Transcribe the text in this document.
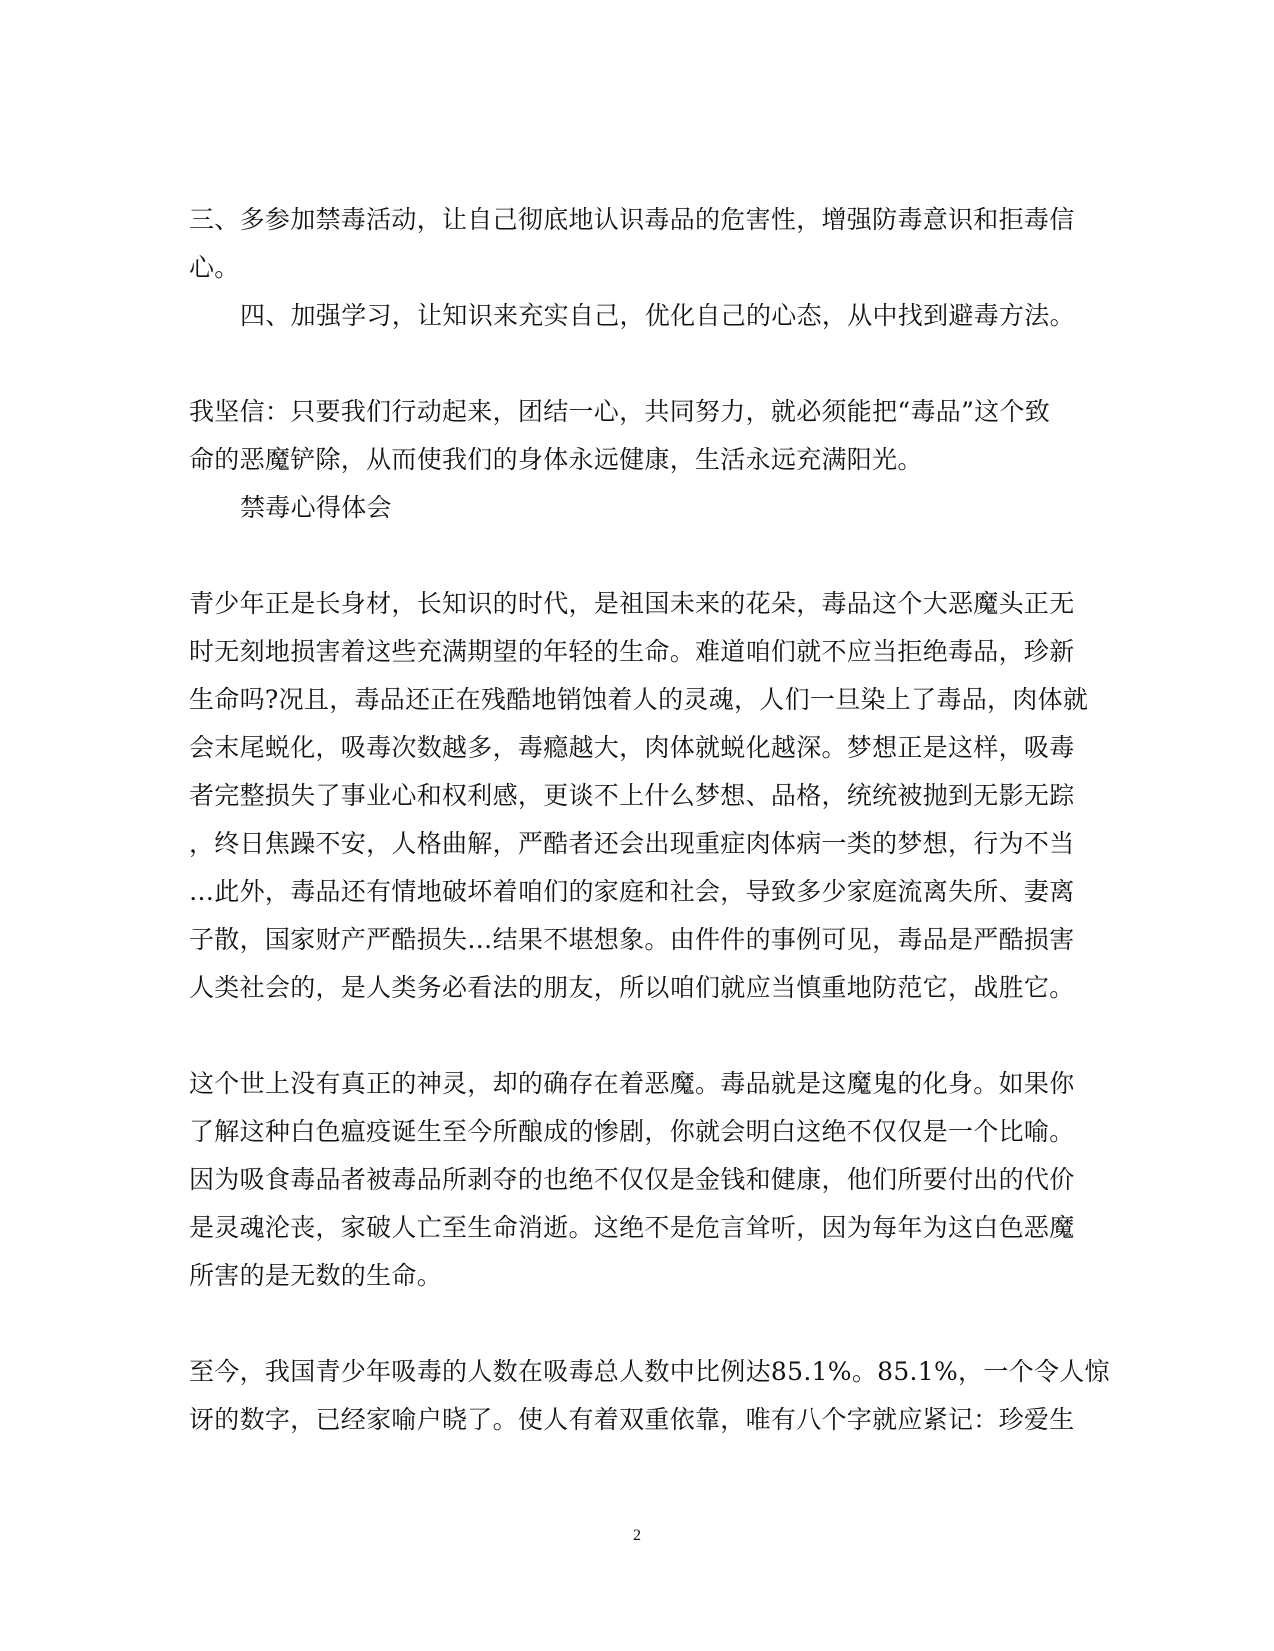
三、多参加禁毒活动，让自己彻底地认识毒品的危害性，增强防毒意识和拒毒信
心。
四、加强学习，让知识来充实自己，优化自己的心态，从中找到避毒方法。
我坚信：只要我们行动起来，团结一心，共同努力，就必须能把“毒品”这个致
命的恶魔铲除，从而使我们的身体永远健康，生活永远充满阳光。
禁毒心得体会
青少年正是长身材，长知识的时代，是祖国未来的花朵，毒品这个大恶魔头正无
时无刻地损害着这些充满期望的年轻的生命。难道咱们就不应当拒绝毒品，珍新
生命吗?况且，毒品还正在残酷地销蚀着人的灵魂，人们一旦染上了毒品，肉体就
会末尾蜕化，吸毒次数越多，毒瘾越大，肉体就蜕化越深。梦想正是这样，吸毒
者完整损失了事业心和权利感，更谈不上什么梦想、品格，统统被抛到无影无踪
，终日焦躁不安，人格曲解，严酷者还会出现重症肉体病一类的梦想，行为不当
…此外，毒品还有情地破坏着咱们的家庭和社会，导致多少家庭流离失所、妻离
子散，国家财产严酷损失…结果不堪想象。由件件的事例可见，毒品是严酷损害
人类社会的，是人类务必看法的朋友，所以咱们就应当慎重地防范它，战胜它。
这个世上没有真正的神灵，却的确存在着恶魔。毒品就是这魔鬼的化身。如果你
了解这种白色瘟疫诞生至今所酿成的惨剧，你就会明白这绝不仅仅是一个比喻。
因为吸食毒品者被毒品所剥夺的也绝不仅仅是金钱和健康，他们所要付出的代价
是灵魂沦丧，家破人亡至生命消逝。这绝不是危言耸听，因为每年为这白色恶魔
所害的是无数的生命。
至今，我国青少年吸毒的人数在吸毒总人数中比例达85.1%。85.1%，一个令人惊
讶的数字，已经家喻户晓了。使人有着双重依靠，唯有八个字就应紧记：珍爱生
2
